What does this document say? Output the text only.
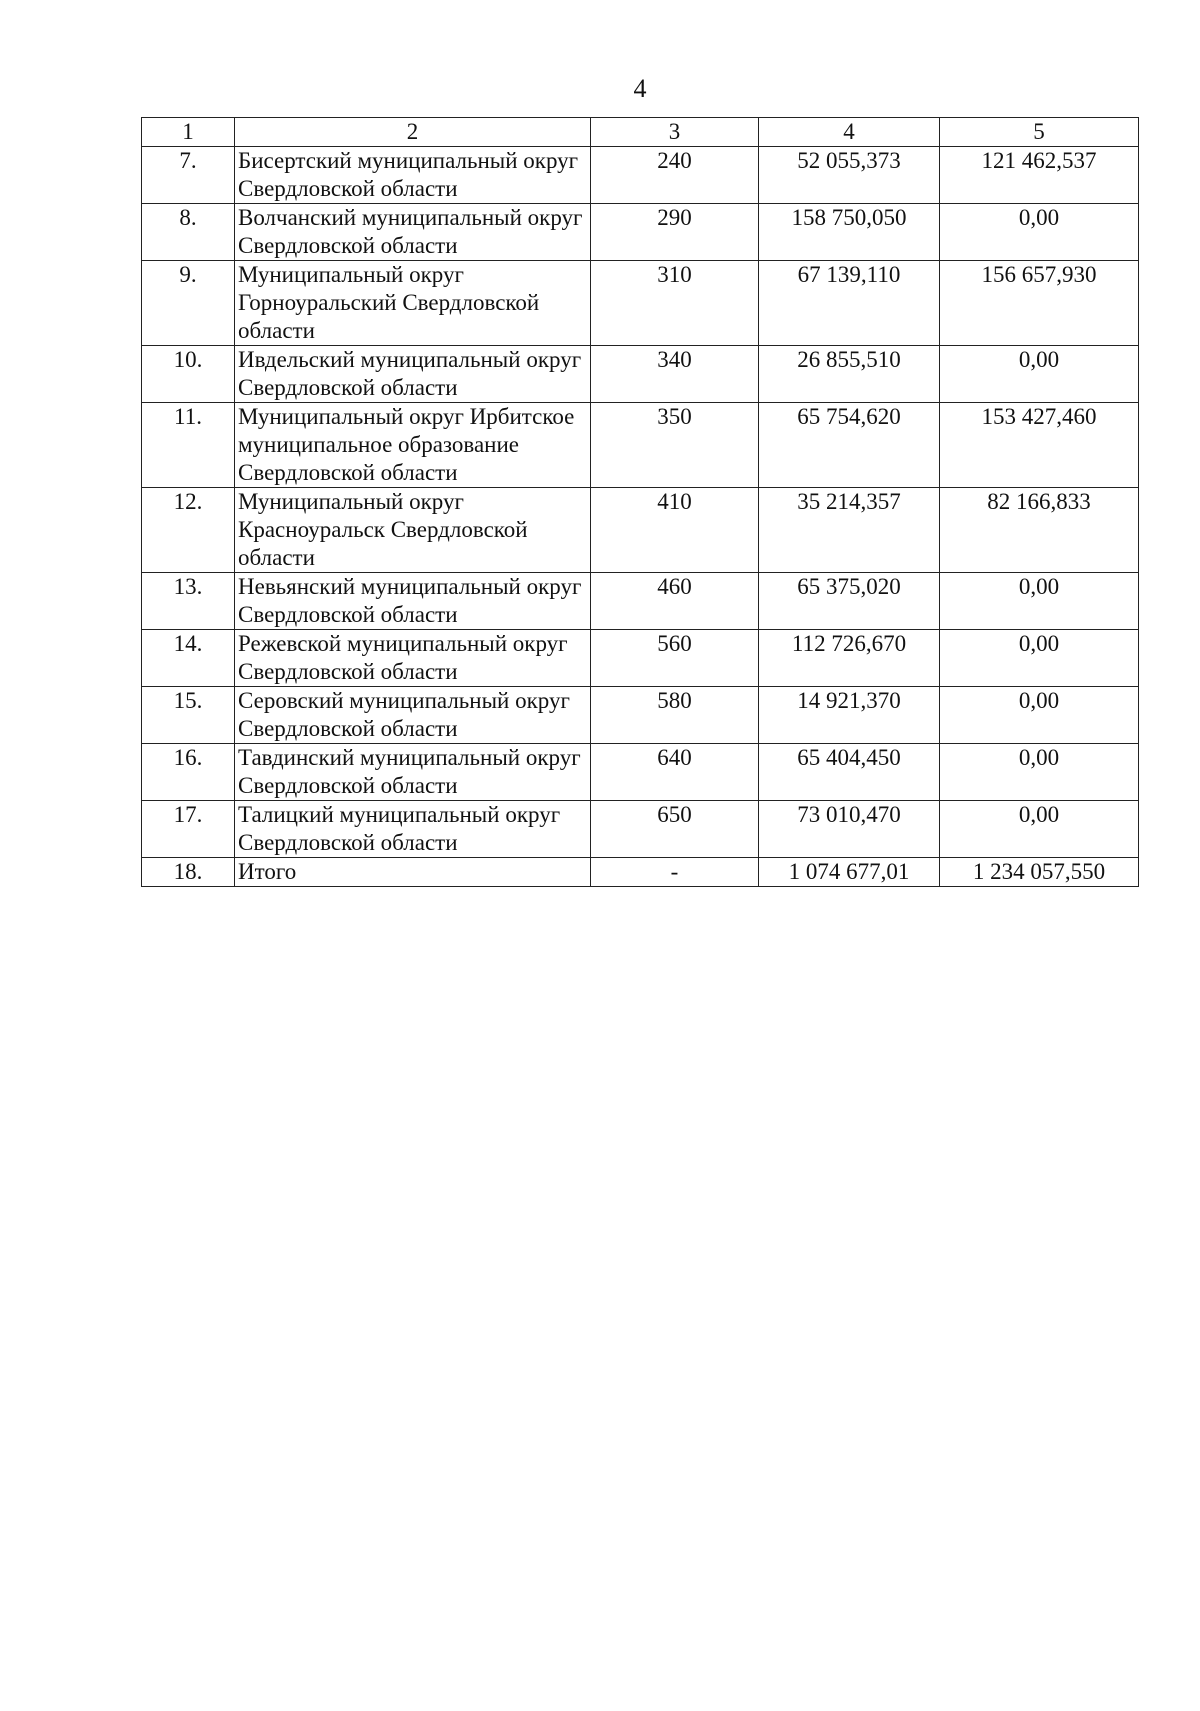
4
1	2	3	4	5
7.	Бисертский муниципальный округ Свердловской области	240	52 055,373	121 462,537
8.	Волчанский муниципальный округ Свердловской области	290	158 750,050	0,00
9.	Муниципальный округ Горноуральский Свердловской области	310	67 139,110	156 657,930
10.	Ивдельский муниципальный округ Свердловской области	340	26 855,510	0,00
11.	Муниципальный округ Ирбитское муниципальное образование Свердловской области	350	65 754,620	153 427,460
12.	Муниципальный округ Красноуральск Свердловской области	410	35 214,357	82 166,833
13.	Невьянский муниципальный округ Свердловской области	460	65 375,020	0,00
14.	Режевской муниципальный округ Свердловской области	560	112 726,670	0,00
15.	Серовский муниципальный округ Свердловской области	580	14 921,370	0,00
16.	Тавдинский муниципальный округ Свердловской области	640	65 404,450	0,00
17.	Талицкий муниципальный округ Свердловской области	650	73 010,470	0,00
18.	Итого	-	1 074 677,01	1 234 057,550
